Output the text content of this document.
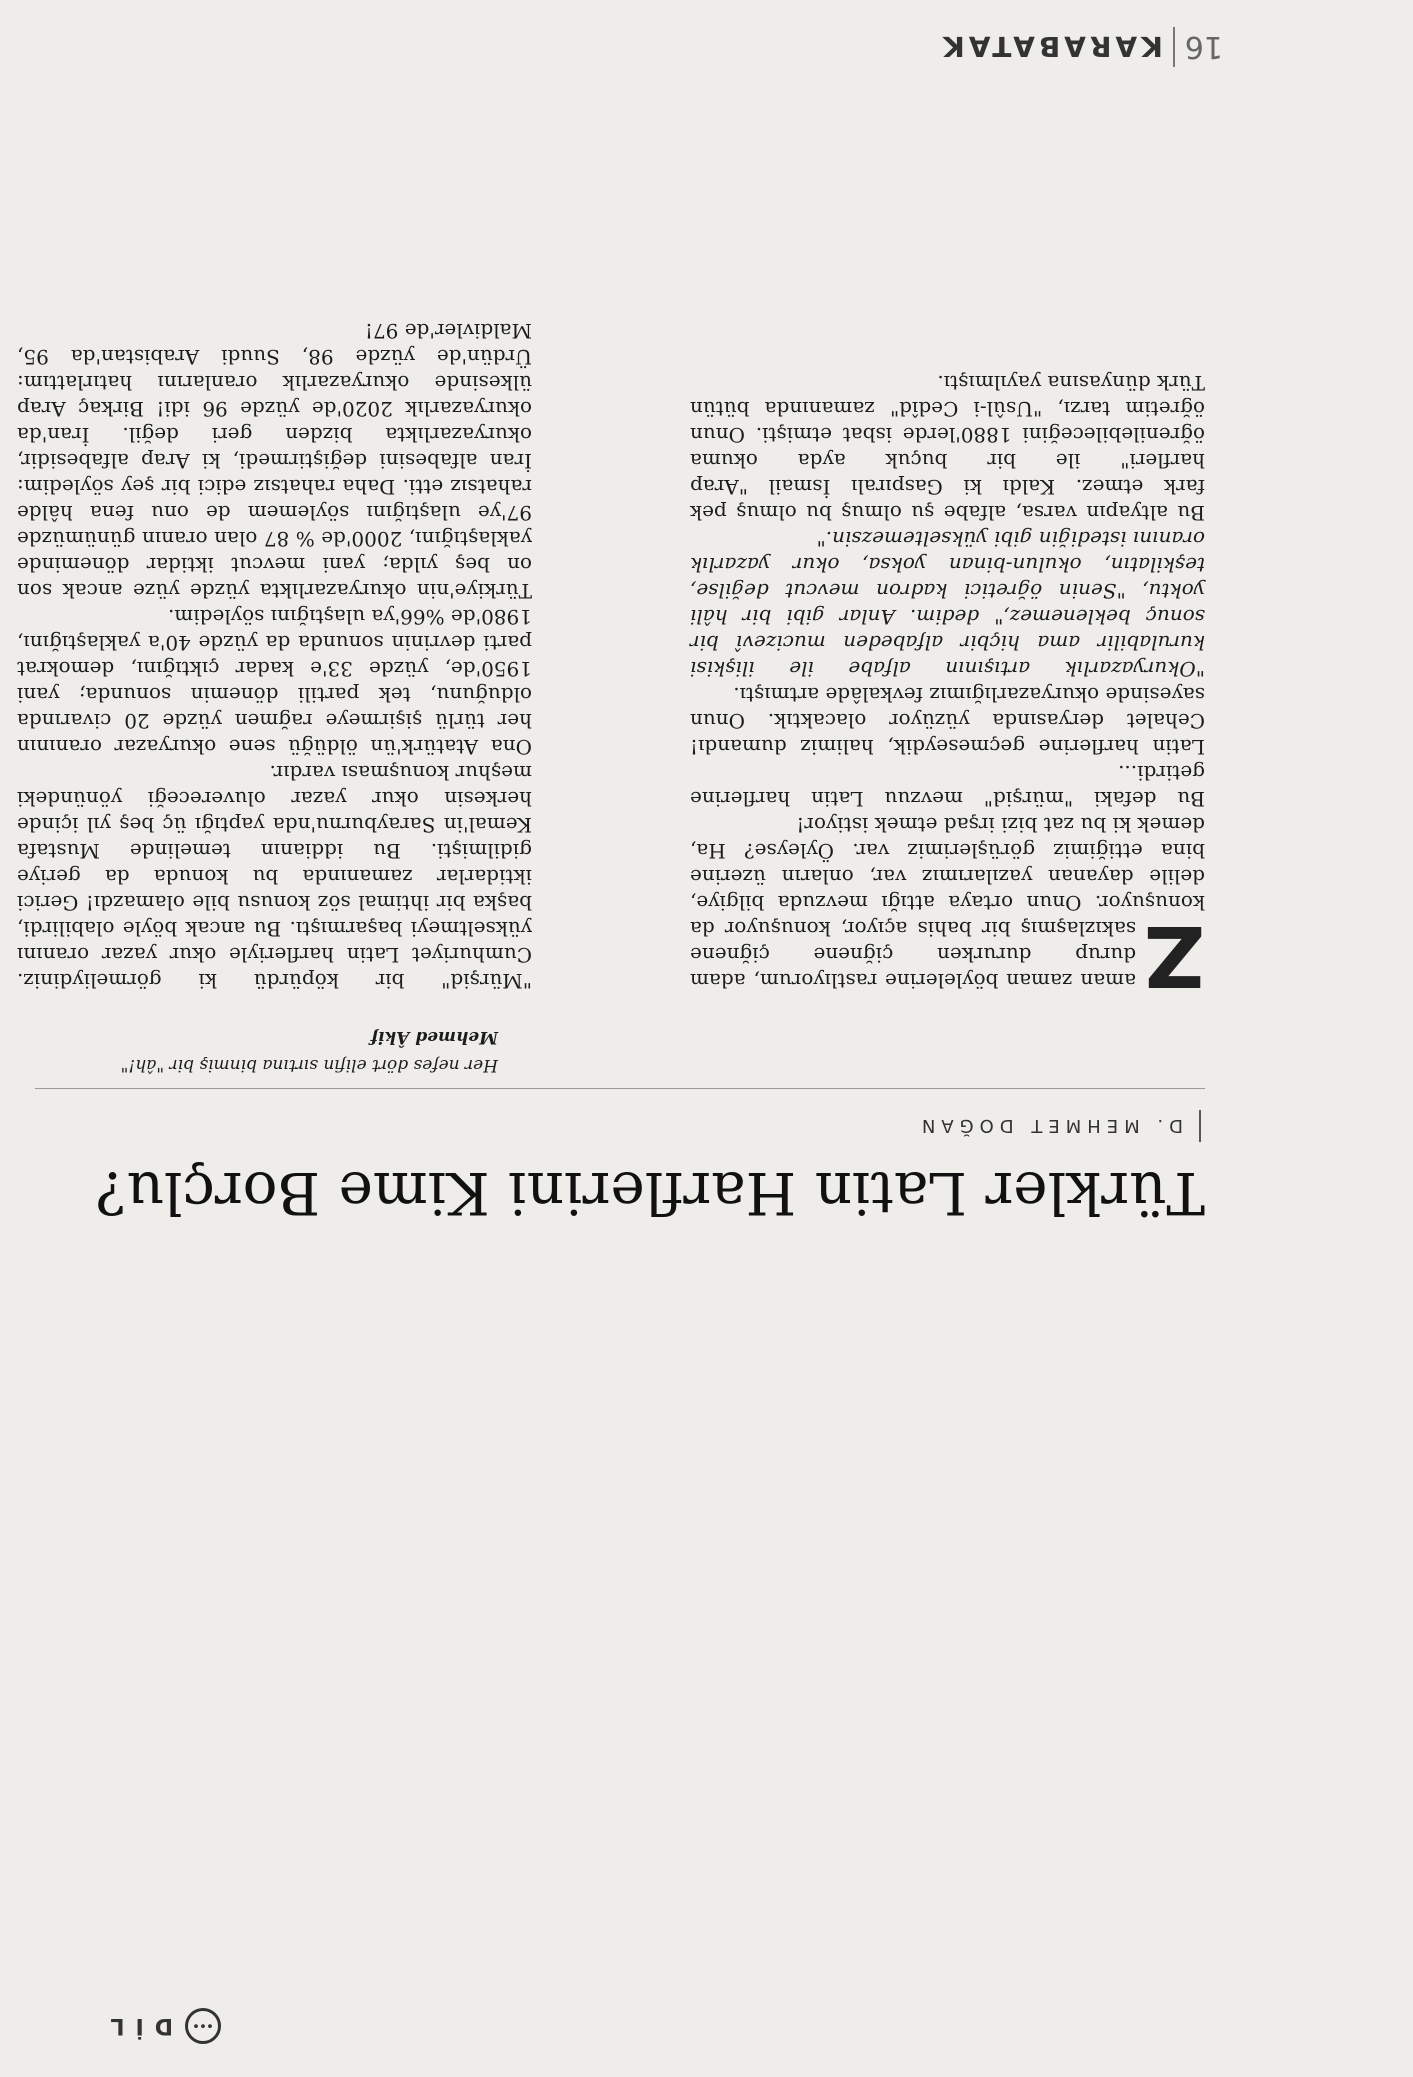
16
KARABATAK
•••
DİL
Türkler Latin Harflerini Kime Borçlu?
D. MEHMET DOĞAN

Her nefes dört elifin sırtına binmiş bir "âh!"

Mehmed Âkif

Z
aman zaman böylelerine rastlıyorum, adam durup dururken çiğnene çiğnene sakızlaşmış bir bahis açıyor, konuşuyor da konuşuyor. Onun ortaya attığı mevzuda bilgiye, delile dayanan yazılarımız var, onların üzerine bina ettiğimiz görüşlerimiz var. Öyleyse? Ha, demek ki bu zat bizi irşad etmek istiyor!

Bu defaki "mürşid" mevzuu Latin harflerine getirdi...

Latin harflerine geçmeseydik, halimiz dumandı! Cehalet deryasında yüzüyor olacaktık. Onun sayesinde okuryazarlığımız fevkalâde artmıştı.

"Okuryazarlık artışının alfabe ile ilişkisi kurulabilir ama hiçbir alfabeden mucizevî bir sonuç beklenemez," dedim. Anlar gibi bir hâli yoktu, "Senin öğretici kadron mevcut değilse, teşkilatın, okulun-binan yoksa, okur yazarlık oranını istediğin gibi yükseltemezsin."

Bu altyapın varsa, alfabe şu olmuş bu olmuş pek fark etmez. Kaldı ki Gaspıralı İsmail "Arap harfleri" ile bir buçuk ayda okuma öğrenilebileceğini 1880'lerde isbat etmişti. Onun öğretim tarzı, "Usûl-i Cedîd" zamanında bütün Türk dünyasına yayılmıştı.

"Mürşid" bir köpürdü ki görmeliydiniz. Cumhuriyet Latin harfleriyle okur yazar oranını yükseltmeyi başarmıştı. Bu ancak böyle olabilirdi, başka bir ihtimal söz konusu bile olamazdı! Gerici iktidarlar zamanında bu konuda da geriye gidilmişti. Bu iddianın temelinde Mustafa Kemal'in Sarayburnu'nda yaptığı üç beş yıl içinde herkesin okur yazar oluvereceği yönündeki meşhur konuşması vardır.

Ona Atatürk'ün öldüğü sene okuryazar oranının her türlü şişirmeye rağmen yüzde 20 civarında olduğunu, tek partili dönemin sonunda; yani 1950'de, yüzde 33'e kadar çıktığını, demokrat parti devrinin sonunda da yüzde 40'a yaklaştığını, 1980'de %66'ya ulaştığını söyledim.

Türkiye'nin okuryazarlıkta yüzde yüze ancak son on beş yılda; yani mevcut iktidar döneminde yaklaştığını, 2000'de % 87 olan oranın günümüzde 97'ye ulaştığını söylemem de onu fena hâlde rahatsız etti. Daha rahatsız edici bir şey söyledim: İran alfabesini değiştirmedi, ki Arap alfabesidir, okuryazarlıkta bizden geri değil. İran'da okuryazarlık 2020'de yüzde 96 idi! Birkaç Arap ülkesinde okuryazarlık oranlarını hatırlattım: Ürdün'de yüzde 98, Suudi Arabistan'da 95, Maldivler'de 97!
